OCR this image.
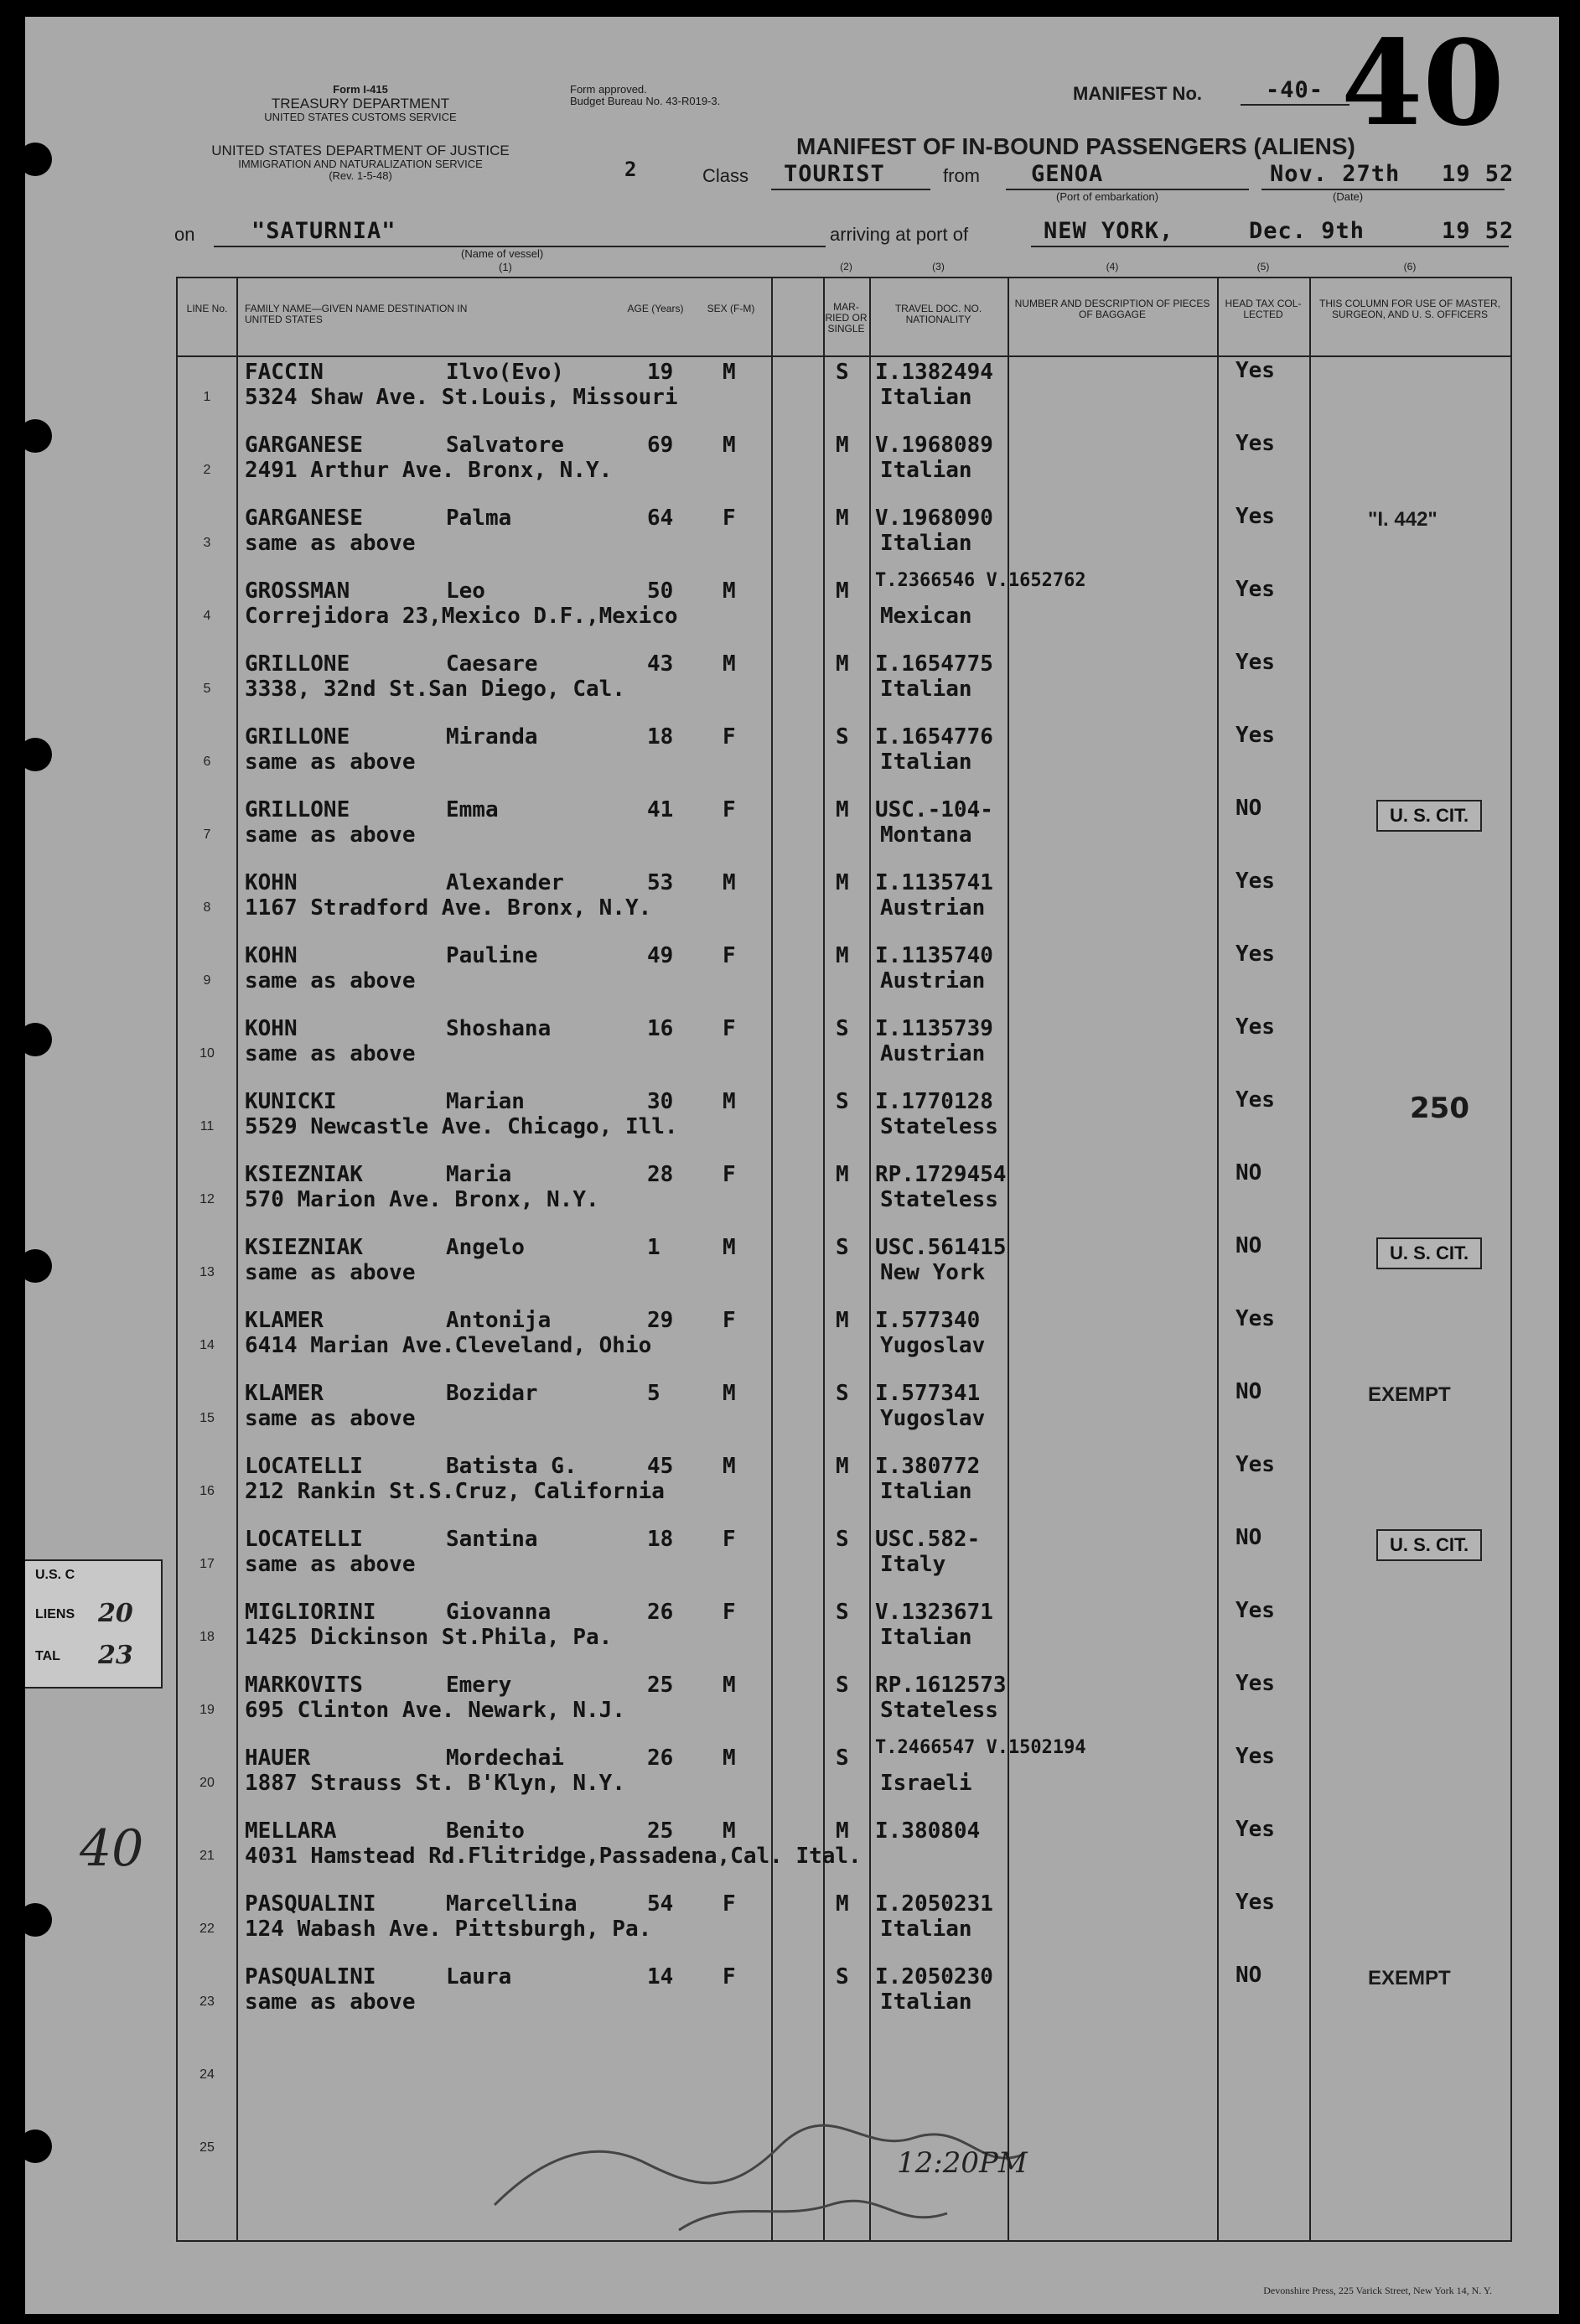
Form I-415
TREASURY DEPARTMENT
UNITED STATES CUSTOMS SERVICE
UNITED STATES DEPARTMENT OF JUSTICE
IMMIGRATION AND NATURALIZATION SERVICE
(Rev. 1-5-48)
Form approved.
Budget Bureau No. 43-R019-3.	MANIFEST No.	-40- 40
MANIFEST OF IN-BOUND PASSENGERS (ALIENS)
2	Class TOURIST	from GENOA
(Port of embarkation)
Nov. 27th 19 52
(Date)
on	"SATURNIA"
(Name of vessel)
(1)
arriving at port of	NEW YORK,	Dec. 9th	19 52
LINE No.	FAMILY NAME—GIVEN NAME DESTINATION IN UNITED STATES
AGE (Years)	SEX (F-M)	MARRIED OR SINGLE
TRAVEL DOC. NO. NATIONALITY
NUMBER AND DESCRIPTION OF PIECES OF BAGGAGE
HEAD TAX COLLECTED
THIS COLUMN FOR USE OF MASTER, SURGEON, AND U. S. OFFICERS
(2)	(3)	(4)	(5)	(6)
1
FACCIN	Ilvo(Evo)	19 M	S I.1382494
5324 Shaw Ave. St.Louis, Missouri	Italian
Yes
2
GARGANESE	Salvatore	69 M	M V.1968089
2491 Arthur Ave. Bronx, N.Y.	Italian
Yes
3
GARGANESE	Palma	64 F	M V.1968090
same as above	Italian
Yes	"I. 442"
4
GROSSMAN	Leo	50 M	M T.2366546 V.1652762
Correjidora 23,Mexico D.F.,Mexico	Mexican
Yes
5
GRILLONE	Caesare	43 M	M I.1654775
3338, 32nd St.San Diego, Cal.	Italian
Yes
6
GRILLONE	Miranda	18 F	S I.1654776
same as above	Italian
Yes
7
GRILLONE	Emma	41 F	M USC.-104-
same as above	Montana
NO	U. S. CIT.
8
KOHN	Alexander	53 M	M I.1135741
1167 Stradford Ave. Bronx, N.Y.	Austrian
Yes
9
KOHN	Pauline	49 F	M I.1135740
same as above	Austrian
Yes
10
KOHN	Shoshana	16 F	S I.1135739
same as above	Austrian
Yes
11
KUNICKI	Marian	30 M	S I.1770128
5529 Newcastle Ave. Chicago, Ill.	Stateless
Yes	250
12
KSIEZNIAK	Maria	28 F	M RP.1729454
570 Marion Ave. Bronx, N.Y.	Stateless
NO
13
KSIEZNIAK	Angelo	1	M	S USC.561415
same as above	New York
NO	U. S. CIT.
14
KLAMER	Antonija	29 F	M I.577340
6414 Marian Ave.Cleveland, Ohio	Yugoslav
Yes
15
KLAMER	Bozidar	5	M	S I.577341
same as above	Yugoslav
NO	EXEMPT
16
LOCATELLI	Batista G.	45 M	M I.380772
212 Rankin St.S.Cruz, California	Italian
Yes
17
LOCATELLI	Santina	18 F	S USC.582-
same as above	Italy
NO	U. S. CIT.
18
MIGLIORINI	Giovanna	26 F	S V.1323671
1425 Dickinson St.Phila, Pa.	Italian
Yes
19
MARKOVITS	Emery	25 M	S RP.1612573
695 Clinton Ave. Newark, N.J.	Stateless
Yes
20
HAUER	Mordechai	26 M	S T.2466547 V.1502194
1887 Strauss St. B'Klyn, N.Y.	Israeli
Yes
21
MELLARA	Benito	25 M	M I.380804
4031 Hamstead Rd.Flitridge,Passadena,Cal. Ital.
Yes
22
PASQUALINI	Marcellina	54 F	M I.2050231
124 Wabash Ave. Pittsburgh, Pa.	Italian
Yes
23
PASQUALINI	Laura	14 F	S I.2050230
same as above	Italian
NO	EXEMPT
24
25
U.S. C
LIENS 20
TAL 23
40
12:20PM
Devonshire Press, 225 Varick Street, New York 14, N. Y.
